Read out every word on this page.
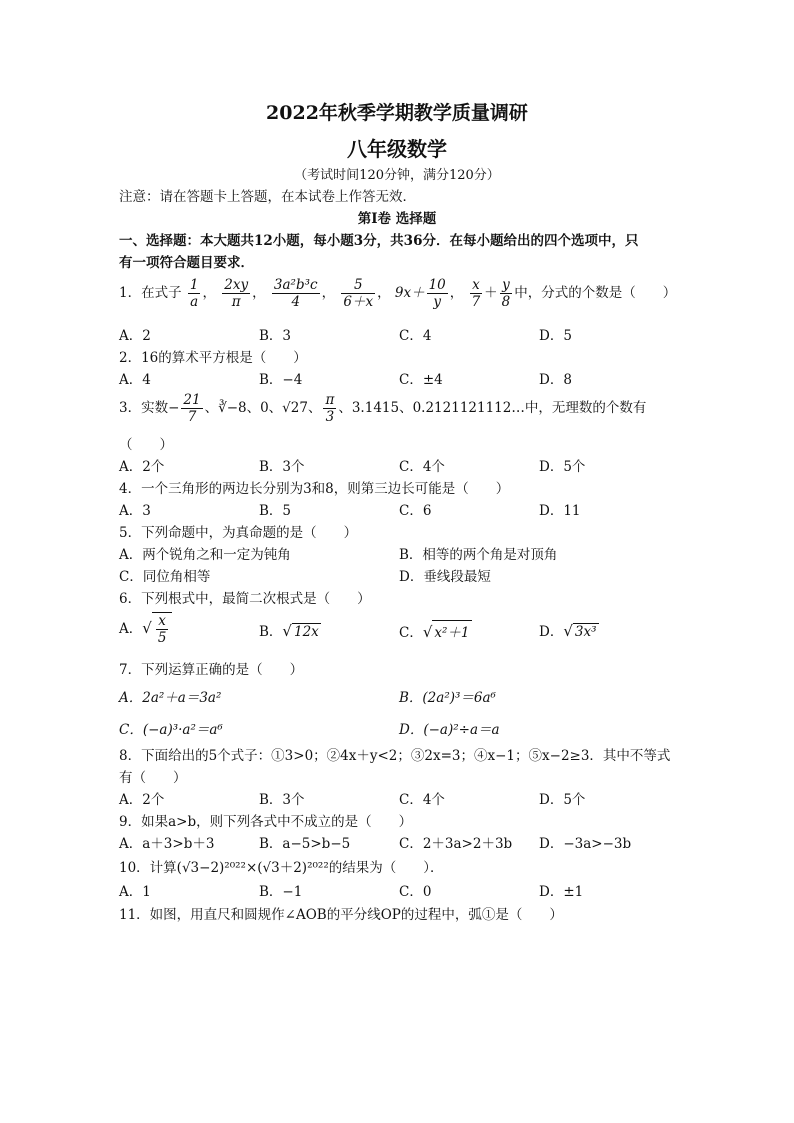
2022年秋季学期教学质量调研
八年级数学
（考试时间120分钟，满分120分）
注意：请在答题卡上答题，在本试卷上作答无效．
第Ⅰ卷 选择题
一、选择题：本大题共12小题，每小题3分，共36分．在每小题给出的四个选项中，只
有一项符合题目要求．
1．在式子 $\frac{1}{a}$ ， $\frac{2xy}{\pi}$ ， $\frac{\text{3a²b³c}}{4}$ ， $\frac{5}{6+x}$ ， $9x+ \frac{10}{y}$ ， $\frac{x}{7} + \frac{y}{8}$ 中，分式的个数是（　　）
A．2	B．3	C．4	D．5
2．16的算术平方根是（　　）
A．4	B．−4	C．±4	D．8
3．实数− $\frac{21}{7}$ 、∛−8、0、√27、 $\frac{\pi}{3}$ 、3.1415、0.2121121112…中，无理数的个数有
（　　）
A．2个	B．3个	C．4个	D．5个
4．一个三角形的两边长分别为3和8，则第三边长可能是（　　）
A．3	B．5	C．6	D．11
5．下列命题中，为真命题的是（　　）
A．两个锐角之和一定为钝角	B．相等的两个角是对顶角
C．同位角相等	D．垂线段最短
6．下列根式中，最简二次根式是（　　）
A．√ $\frac{x}{5}$	B．√ 12x	C．√ x²＋1	D．√ 3x³
7．下列运算正确的是（　　）
A．2a²＋a＝3a²	B．(2a²)³＝6a⁶
C．(−a)³·a²＝a⁶	D．(−a)²÷a＝a
8．下面给出的5个式子：①3>0；②4x＋y<2；③2x=3；④x−1；⑤x−2≥3．其中不等式
有（　　）
A．2个	B．3个	C．4个	D．5个
9．如果a>b，则下列各式中不成立的是（　　）
A．a＋3>b＋3	B．a−5>b−5	C．2＋3a>2＋3b D．−3a>−3b
10．计算(√3−2)²⁰²²×(√3＋2)²⁰²²的结果为（　　）．
A．1	B．−1	C．0	D．±1
11．如图，用直尺和圆规作∠AOB的平分线OP的过程中，弧①是（　　）
